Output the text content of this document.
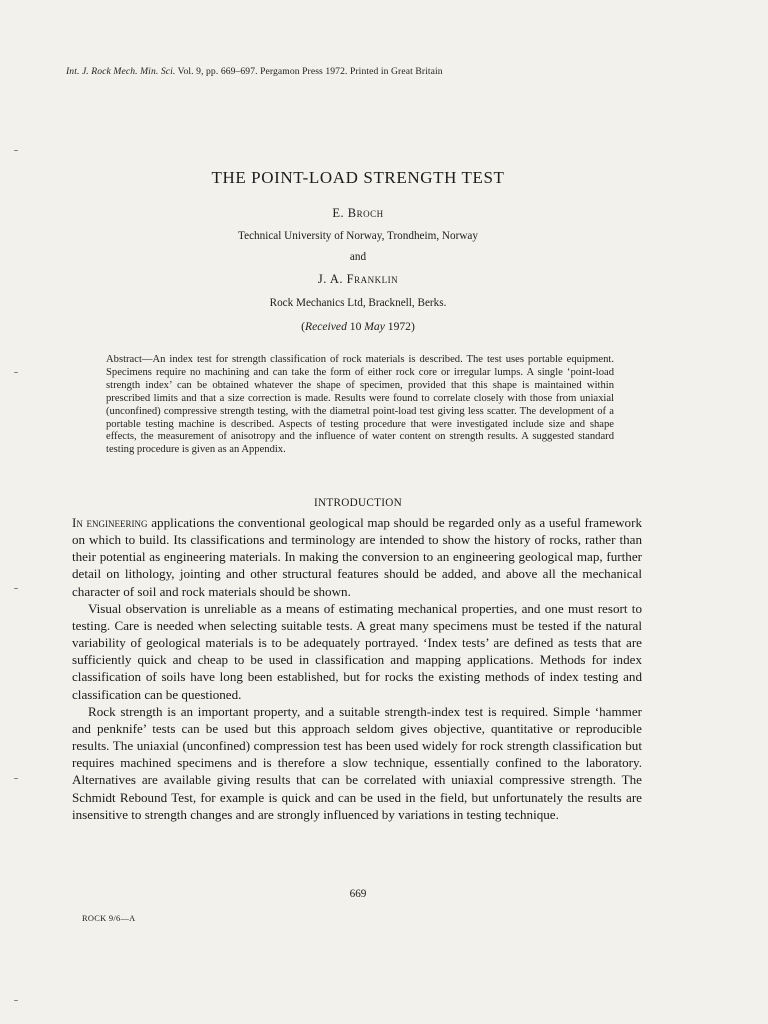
Int. J. Rock Mech. Min. Sci. Vol. 9, pp. 669–697. Pergamon Press 1972. Printed in Great Britain
THE POINT-LOAD STRENGTH TEST
E. Broch
Technical University of Norway, Trondheim, Norway
and
J. A. Franklin
Rock Mechanics Ltd, Bracknell, Berks.
(Received 10 May 1972)
Abstract—An index test for strength classification of rock materials is described. The test uses portable equipment. Specimens require no machining and can take the form of either rock core or irregular lumps. A single ‘point-load strength index’ can be obtained whatever the shape of specimen, provided that this shape is maintained within prescribed limits and that a size correction is made. Results were found to correlate closely with those from uniaxial (unconfined) compressive strength testing, with the diametral point-load test giving less scatter. The development of a portable testing machine is described. Aspects of testing procedure that were investigated include size and shape effects, the measurement of anisotropy and the influence of water content on strength results. A suggested standard testing procedure is given as an Appendix.
INTRODUCTION

In engineering applications the conventional geological map should be regarded only as a useful framework on which to build. Its classifications and terminology are intended to show the history of rocks, rather than their potential as engineering materials. In making the conversion to an engineering geological map, further detail on lithology, jointing and other structural features should be added, and above all the mechanical character of soil and rock materials should be shown.

Visual observation is unreliable as a means of estimating mechanical properties, and one must resort to testing. Care is needed when selecting suitable tests. A great many specimens must be tested if the natural variability of geological materials is to be adequately portrayed. ‘Index tests’ are defined as tests that are sufficiently quick and cheap to be used in classification and mapping applications. Methods for index classification of soils have long been established, but for rocks the existing methods of index testing and classification can be questioned.

Rock strength is an important property, and a suitable strength-index test is required. Simple ‘hammer and penknife’ tests can be used but this approach seldom gives objective, quantitative or reproducible results. The uniaxial (unconfined) compression test has been used widely for rock strength classification but requires machined specimens and is therefore a slow technique, essentially confined to the laboratory. Alternatives are available giving results that can be correlated with uniaxial compressive strength. The Schmidt Rebound Test, for example is quick and can be used in the field, but unfortunately the results are insensitive to strength changes and are strongly influenced by variations in testing technique.

669
ROCK 9/6—A
